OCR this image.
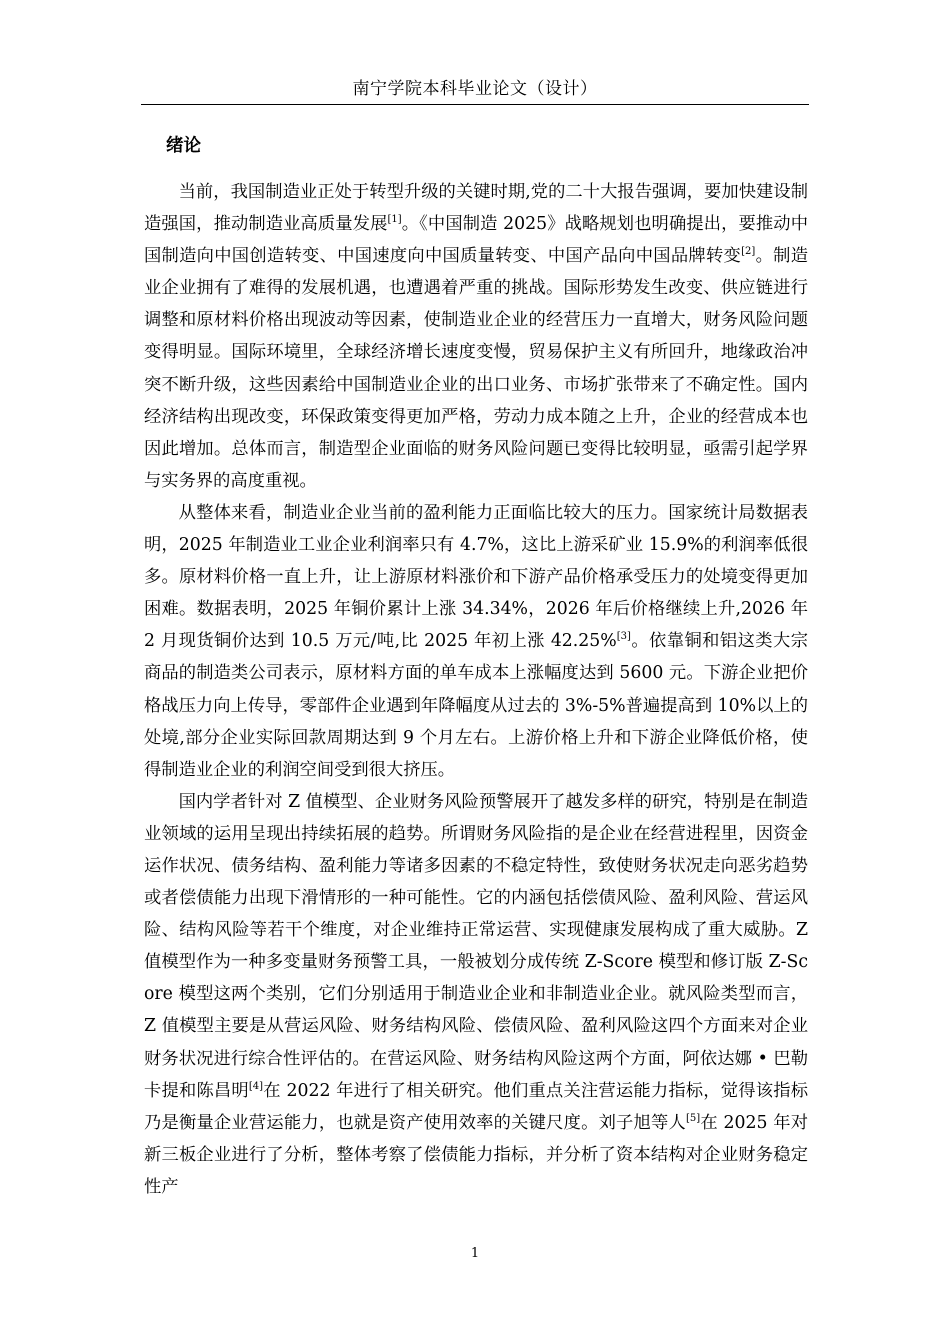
南宁学院本科毕业论文（设计）
绪论

当前，我国制造业正处于转型升级的关键时期,党的二十大报告强调，要加快建设制造强国，推动制造业高质量发展[1]。《中国制造 2025》战略规划也明确提出，要推动中国制造向中国创造转变、中国速度向中国质量转变、中国产品向中国品牌转变[2]。制造业企业拥有了难得的发展机遇，也遭遇着严重的挑战。国际形势发生改变、供应链进行调整和原材料价格出现波动等因素，使制造业企业的经营压力一直增大，财务风险问题变得明显。国际环境里，全球经济增长速度变慢，贸易保护主义有所回升，地缘政治冲突不断升级，这些因素给中国制造业企业的出口业务、市场扩张带来了不确定性。国内经济结构出现改变，环保政策变得更加严格，劳动力成本随之上升，企业的经营成本也因此增加。总体而言，制造型企业面临的财务风险问题已变得比较明显，亟需引起学界与实务界的高度重视。

从整体来看，制造业企业当前的盈利能力正面临比较大的压力。国家统计局数据表明，2025 年制造业工业企业利润率只有 4.7%，这比上游采矿业 15.9%的利润率低很多。原材料价格一直上升，让上游原材料涨价和下游产品价格承受压力的处境变得更加困难。数据表明，2025 年铜价累计上涨 34.34%，2026 年后价格继续上升,2026 年 2 月现货铜价达到 10.5 万元/吨,比 2025 年初上涨 42.25%[3]。依靠铜和铝这类大宗商品的制造类公司表示，原材料方面的单车成本上涨幅度达到 5600 元。下游企业把价格战压力向上传导，零部件企业遇到年降幅度从过去的 3%-5%普遍提高到 10%以上的处境,部分企业实际回款周期达到 9 个月左右。上游价格上升和下游企业降低价格，使得制造业企业的利润空间受到很大挤压。

国内学者针对 Z 值模型、企业财务风险预警展开了越发多样的研究，特别是在制造业领域的运用呈现出持续拓展的趋势。所谓财务风险指的是企业在经营进程里，因资金运作状况、债务结构、盈利能力等诸多因素的不稳定特性，致使财务状况走向恶劣趋势或者偿债能力出现下滑情形的一种可能性。它的内涵包括偿债风险、盈利风险、营运风险、结构风险等若干个维度，对企业维持正常运营、实现健康发展构成了重大威胁。Z 值模型作为一种多变量财务预警工具，一般被划分成传统 Z-Score 模型和修订版 Z-Score 模型这两个类别，它们分别适用于制造业企业和非制造业企业。就风险类型而言，Z 值模型主要是从营运风险、财务结构风险、偿债风险、盈利风险这四个方面来对企业财务状况进行综合性评估的。在营运风险、财务结构风险这两个方面，阿依达娜 • 巴勒卡提和陈昌明[4]在 2022 年进行了相关研究。他们重点关注营运能力指标，觉得该指标乃是衡量企业营运能力，也就是资产使用效率的关键尺度。刘子旭等人[5]在 2025 年对新三板企业进行了分析，整体考察了偿债能力指标，并分析了资本结构对企业财务稳定性产

1
